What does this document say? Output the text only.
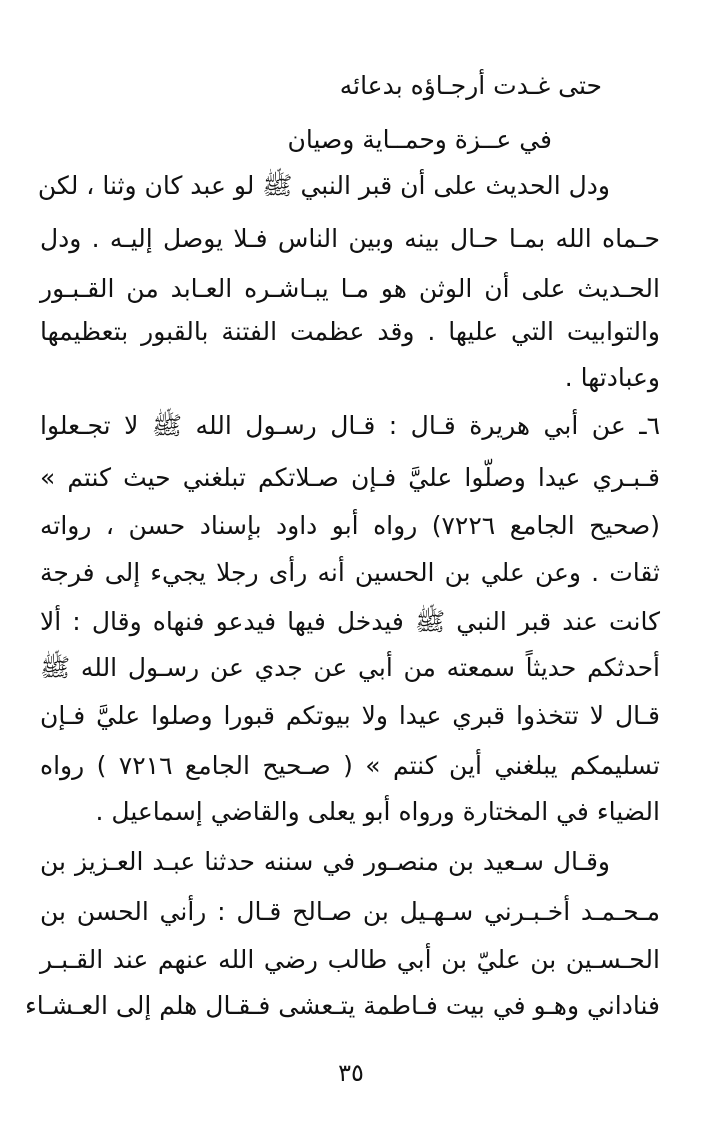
حتى غـدت أرجـاؤه بدعائه
في عــزة وحمــاية وصيان
ودل الحديث على أن قبر النبي ﷺ لو عبد كان وثنا ، لكن
حـماه الله بمـا حـال بينه وبين الناس فـلا يوصل إليـه . ودل
الحـديث على أن الوثن هو مـا يبـاشـره العـابد من القـبـور
والتوابيت التي عليها . وقد عظمت الفتنة بالقبور بتعظيمها
وعبادتها .
٦ـ عن أبي هريرة قـال : قـال رسـول الله ﷺ لا تجـعلوا
قـبـري عيدا وصلّوا عليَّ فـإن صـلاتكم تبلغني حيث كنتم »
(صحيح الجامع ٧٢٢٦) رواه أبو داود بإسناد حسن ، رواته
ثقات . وعن علي بن الحسين أنه رأى رجلا يجيء إلى فرجة
كانت عند قبر النبي ﷺ فيدخل فيها فيدعو فنهاه وقال : ألا
أحدثكم حديثاً سمعته من أبي عن جدي عن رسـول الله ﷺ
قـال لا تتخذوا قبري عيدا ولا بيوتكم قبورا وصلوا عليَّ فـإن
تسليمكم يبلغني أين كنتم » ( صـحيح الجامع ٧٢١٦ ) رواه
الضياء في المختارة ورواه أبو يعلى والقاضي إسماعيل .
وقـال سـعيد بن منصـور في سننه حدثنا عبـد العـزيز بن
مـحـمـد أخـبـرني سـهـيل بن صـالح قـال : رأني الحسن بن
الحـسـين بن عليّ بن أبي طالب رضي الله عنهم عند القـبـر
فناداني وهـو في بيت فـاطمة يتـعشى فـقـال هلم إلى العـشـاء
٣٥
